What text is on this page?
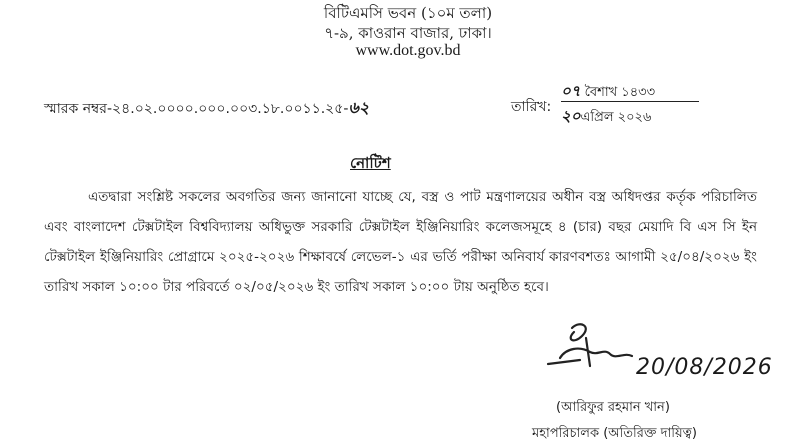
বিটিএমসি ভবন (১০ম তলা)
৭-৯, কাওরান বাজার, ঢাকা।
www.dot.gov.bd
স্মারক নম্বর-২৪.০২.০০০০.০০০.০০৩.১৮.০০১১.২৫-৬২	তারিখ:
০৭ বৈশাখ ১৪৩৩
২০এপ্রিল ২০২৬
নোটিশ
এতদ্বারা সংশ্লিষ্ট সকলের অবগতির জন্য জানানো যাচ্ছে যে, বস্ত্র ও পাট মন্ত্রণালয়ের অধীন বস্ত্র অধিদপ্তর কর্তৃক পরিচালিত এবং বাংলাদেশ টেক্সটাইল বিশ্ববিদ্যালয় অধিভুক্ত সরকারি টেক্সটাইল ইঞ্জিনিয়ারিং কলেজসমূহে ৪ (চার) বছর মেয়াদি বি এস সি ইন টেক্সটাইল ইঞ্জিনিয়ারিং প্রোগ্রামে ২০২৫-২০২৬ শিক্ষাবর্ষে লেভেল-১ এর ভর্তি পরীক্ষা অনিবার্য কারণবশতঃ আগামী ২৫/০৪/২০২৬ ইং তারিখ সকাল ১০:০০ টার পরিবর্তে ০২/০৫/২০২৬ ইং তারিখ সকাল ১০:০০ টায় অনুষ্ঠিত হবে।
20/08/2026
(আরিফুর রহমান খান)
মহাপরিচালক (অতিরিক্ত দায়িত্ব)
